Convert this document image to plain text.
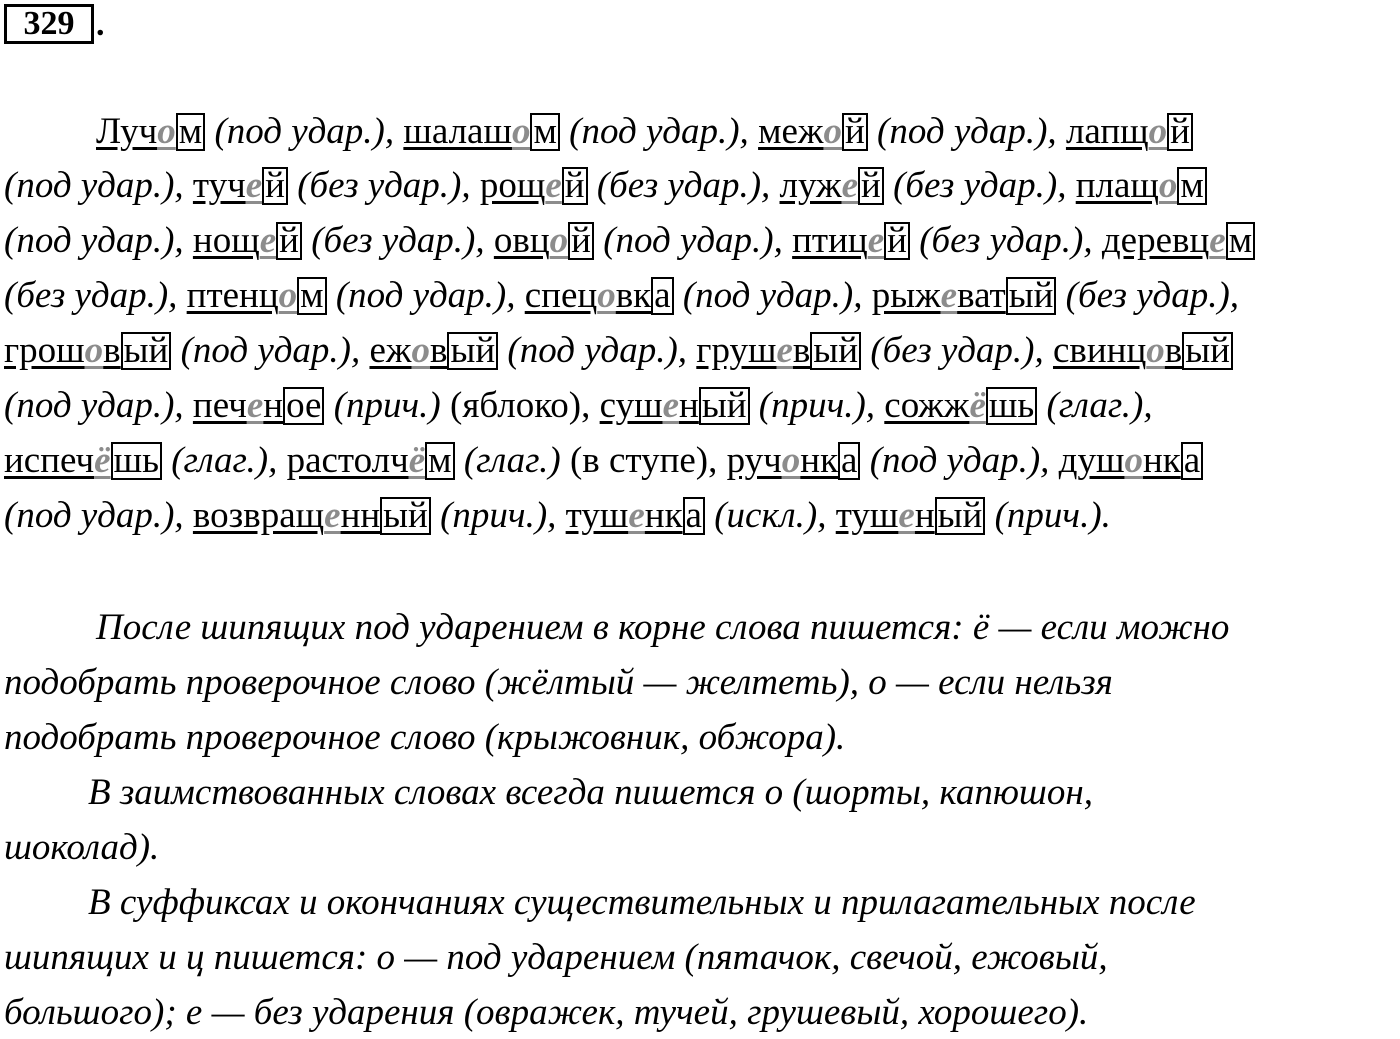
329 .
Лучом (под удар.), шалашом (под удар.), межой (под удар.), лапщой
(под удар.), тучей (без удар.), рощей (без удар.), лужей (без удар.), плащом
(под удар.), нощей (без удар.), овцой (под удар.), птицей (без удар.), деревцем
(без удар.), птенцом (под удар.), спецовка (под удар.), рыжеватый (без удар.),
грошовый (под удар.), ежовый (под удар.), грушевый (без удар.), свинцовый
(под удар.), печеное (прич.) (яблоко), сушеный (прич.), сожжёшь (глаг.),
испечёшь (глаг.), растолчём (глаг.) (в ступе), ручонка (под удар.), душонка
(под удар.), возвращенный (прич.), тушенка (искл.), тушеный (прич.).
После шипящих под ударением в корне слова пишется: ё — если можно
подобрать проверочное слово (жёлтый — желтеть), о — если нельзя
подобрать проверочное слово (крыжовник, обжора).
В заимствованных словах всегда пишется о (шорты, капюшон,
шоколад).
В суффиксах и окончаниях существительных и прилагательных после
шипящих и ц пишется: о — под ударением (пятачок, свечой, ежовый,
большого); е — без ударения (овражек, тучей, грушевый, хорошего).
